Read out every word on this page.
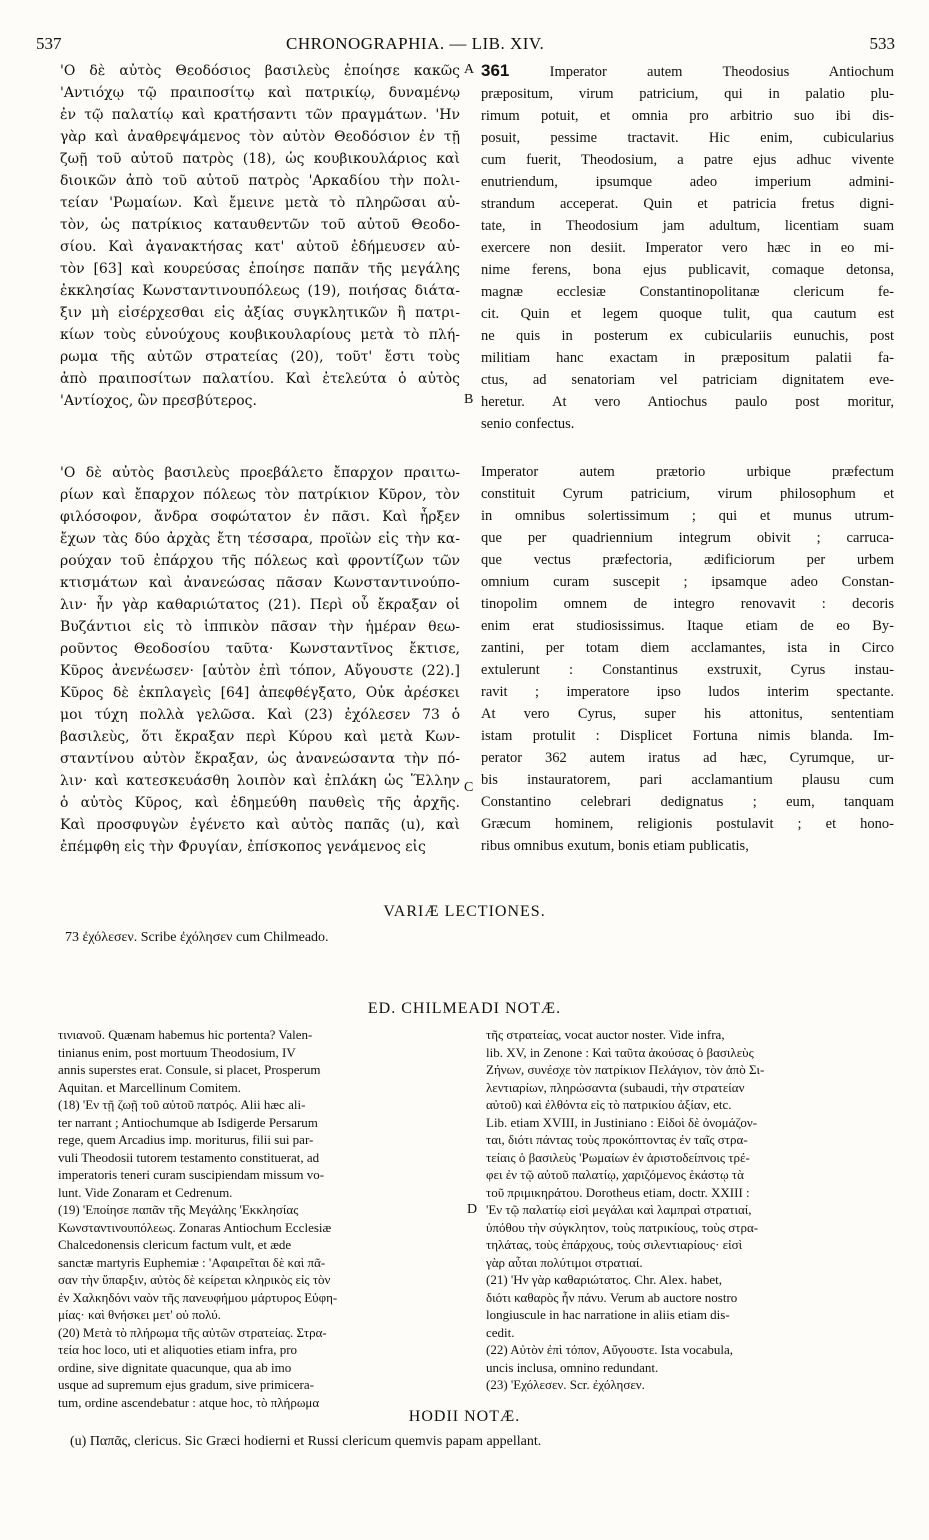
537	CHRONOGRAPHIA. — LIB. XIV.	533
'Ο δὲ αὐτὸς Θεοδόσιος βασιλεὺς ἐποίησε κακῶς
'Αντιόχῳ τῷ πραιποσίτῳ καὶ πατρικίῳ, δυναμένῳ
ἐν τῷ παλατίῳ καὶ κρατήσαντι τῶν πραγμάτων. 'Ην
γὰρ καὶ ἀναθρεψάμενος τὸν αὐτὸν Θεοδόσιον ἐν τῇ
ζωῇ τοῦ αὐτοῦ πατρὸς (18), ὡς κουβικουλάριος καὶ
διοικῶν ἀπὸ τοῦ αὐτοῦ πατρὸς 'Αρκαδίου τὴν πολι-
τείαν 'Ρωμαίων. Καὶ ἔμεινε μετὰ τὸ πληρῶσαι αὐ-
τὸν, ὡς πατρίκιος καταυθεντῶν τοῦ αὐτοῦ Θεοδο-
σίου. Καὶ ἀγανακτήσας κατ' αὐτοῦ ἐδήμευσεν αὐ-
τὸν [63] καὶ κουρεύσας ἐποίησε παπᾶν τῆς μεγάλης
ἐκκλησίας Κωνσταντινουπόλεως (19), ποιήσας διάτα-
ξιν μὴ εἰσέρχεσθαι εἰς ἀξίας συγκλητικῶν ἢ πατρι-
κίων τοὺς εὐνούχους κουβικουλαρίους μετὰ τὸ πλή-
ρωμα τῆς αὐτῶν στρατείας (20), τοῦτ' ἔστι τοὺς
ἀπὸ πραιποσίτων παλατίου. Καὶ ἐτελεύτα ὁ αὐτὸς
'Αντίοχος, ὢν πρεσβύτερος.
'Ο δὲ αὐτὸς βασιλεὺς προεβάλετο ἔπαρχον πραιτω-
ρίων καὶ ἔπαρχον πόλεως τὸν πατρίκιον Κῦρον, τὸν
φιλόσοφον, ἄνδρα σοφώτατον ἐν πᾶσι. Καὶ ἦρξεν
ἔχων τὰς δύο ἀρχὰς ἔτη τέσσαρα, προϊὼν εἰς τὴν κα-
ρούχαν τοῦ ἐπάρχου τῆς πόλεως καὶ φροντίζων τῶν
κτισμάτων καὶ ἀνανεώσας πᾶσαν Κωνσταντινούπο-
λιν· ἦν γὰρ καθαριώτατος (21). Περὶ οὗ ἔκραξαν οἱ
Βυζάντιοι εἰς τὸ ἱππικὸν πᾶσαν τὴν ἡμέραν θεω-
ροῦντος Θεοδοσίου ταῦτα· Κωνσταντῖνος ἔκτισε,
Κῦρος ἀνενέωσεν· [αὐτὸν ἐπὶ τόπον, Αὔγουστε (22).]
Κῦρος δὲ ἐκπλαγεὶς [64] ἀπεφθέγξατο, Οὐκ ἀρέσκει
μοι τύχη πολλὰ γελῶσα. Καὶ (23) ἐχόλεσεν 73 ὁ
βασιλεὺς, ὅτι ἔκραξαν περὶ Κύρου καὶ μετὰ Κων-
σταντίνου αὐτὸν ἔκραξαν, ὡς ἀνανεώσαντα τὴν πό-
λιν· καὶ κατεσκευάσθη λοιπὸν καὶ ἐπλάκη ὡς Ἕλλην
ὁ αὐτὸς Κῦρος, καὶ ἐδημεύθη παυθεὶς τῆς ἀρχῆς.
Καὶ προσφυγὼν ἐγένετο καὶ αὐτὸς παπᾶς (u), καὶ
ἐπέμφθη εἰς τὴν Φρυγίαν, ἐπίσκοπος γενάμενος εἰς
361	Imperator autem Theodosius Antiochum
præpositum, virum patricium, qui in palatio plu-
rimum potuit, et omnia pro arbitrio suo ibi dis-
posuit, pessime tractavit. Hic enim, cubicularius
cum fuerit, Theodosium, a patre ejus adhuc vivente
enutriendum, ipsumque adeo imperium admini-
strandum acceperat. Quin et patricia fretus digni-
tate, in Theodosium jam adultum, licentiam suam
exercere non desiit. Imperator vero hæc in eo mi-
nime ferens, bona ejus publicavit, comaque detonsa,
magnæ ecclesiæ Constantinopolitanæ clericum fe-
cit. Quin et legem quoque tulit, qua cautum est
ne quis in posterum ex cubiculariis eunuchis, post
militiam hanc exactam in præpositum palatii fa-
ctus, ad senatoriam vel patriciam dignitatem eve-
heretur. At vero Antiochus paulo post moritur,
senio confectus.
Imperator autem prætorio urbique præfectum
constituit Cyrum patricium, virum philosophum et
in omnibus solertissimum ; qui et munus utrum-
que per quadriennium integrum obivit ; carruca-
que vectus præfectoria, ædificiorum per urbem
omnium curam suscepit ; ipsamque adeo Constan-
tinopolim omnem de integro renovavit : decoris
enim erat studiosissimus. Itaque etiam de eo By-
zantini, per totam diem acclamantes, ista in Circo
extulerunt : Constantinus exstruxit, Cyrus instau-
ravit ; imperatore ipso ludos interim spectante.
At vero Cyrus, super his attonitus, sententiam
istam protulit : Displicet Fortuna nimis blanda. Im-
perator 362 autem iratus ad hæc, Cyrumque, ur-
bis instauratorem, pari acclamantium plausu cum
Constantino celebrari dedignatus ; eum, tanquam
Græcum hominem, religionis postulavit ; et hono-
ribus omnibus exutum, bonis etiam publicatis,
A
B
C
D
VARIÆ LECTIONES.
73 ἐχόλεσεν. Scribe ἐχόλησεν cum Chilmeado.
ED. CHILMEADI NOTÆ.
τινιανοῦ. Quænam habemus hic portenta? Valen-
tinianus enim, post mortuum Theodosium, IV
annis superstes erat. Consule, si placet, Prosperum
Aquitan. et Marcellinum Comitem.
(18) 'Εν τῇ ζωῇ τοῦ αὐτοῦ πατρός. Alii hæc ali-
ter narrant ; Antiochumque ab Isdigerde Persarum
rege, quem Arcadius imp. moriturus, filii sui par-
vuli Theodosii tutorem testamento constituerat, ad
imperatoris teneri curam suscipiendam missum vo-
lunt. Vide Zonaram et Cedrenum.
(19) 'Εποίησε παπᾶν τῆς Μεγάλης 'Εκκλησίας
Κωνσταντινουπόλεως. Zonaras Antiochum Ecclesiæ
Chalcedonensis clericum factum vult, et æde
sanctæ martyris Euphemiæ : 'Αφαιρεῖται δὲ καὶ πᾶ-
σαν τὴν ὕπαρξιν, αὐτὸς δὲ κείρεται κληρικὸς εἰς τὸν
ἐν Χαλκηδόνι ναὸν τῆς πανευφήμου μάρτυρος Εὐφη-
μίας· καὶ θνήσκει μετ' οὐ πολύ.
(20) Μετὰ τὸ πλήρωμα τῆς αὐτῶν στρατείας. Στρα-
τεία hoc loco, uti et aliquoties etiam infra, pro
ordine, sive dignitate quacunque, qua ab imo
usque ad supremum ejus gradum, sive primicera-
tum, ordine ascendebatur : atque hoc, τὸ πλήρωμα
τῆς στρατείας, vocat auctor noster. Vide infra,
lib. XV, in Zenone : Καὶ ταῦτα ἀκούσας ὁ βασιλεὺς
Ζήνων, συνέσχε τὸν πατρίκιον Πελάγιον, τὸν ἀπὸ Σι-
λεντιαρίων, πληρώσαντα (subaudi, τὴν στρατείαν
αὐτοῦ) καὶ ἐλθόντα εἰς τὸ πατρικίου ἀξίαν, etc.
Lib. etiam XVIII, in Justiniano : Εἰδοὶ δὲ ὀνομάζον-
ται, διότι πάντας τοὺς προκόπτοντας ἐν ταῖς στρα-
τείαις ὁ βασιλεὺς 'Ρωμαίων ἐν ἀριστοδείπνοις τρέ-
φει ἐν τῷ αὐτοῦ παλατίῳ, χαριζόμενος ἑκάστῳ τὰ
τοῦ πριμικηράτου. Dorotheus etiam, doctr. XXIII :
'Εν τῷ παλατίῳ εἰσὶ μεγάλαι καὶ λαμπραὶ στρατιαί,
ὑπόθου τὴν σύγκλητον, τοὺς πατρικίους, τοὺς στρα-
τηλάτας, τοὺς ἐπάρχους, τοὺς σιλεντιαρίους· εἰσὶ
γὰρ αὗται πολύτιμοι στρατιαί.
(21) 'Ην γὰρ καθαριώτατος. Chr. Alex. habet,
διότι καθαρὸς ἦν πάνυ. Verum ab auctore nostro
longiuscule in hac narratione in aliis etiam dis-
cedit.
(22) Αὐτὸν ἐπὶ τόπον, Αὔγουστε. Ista vocabula,
uncis inclusa, omnino redundant.
(23) 'Εχόλεσεν. Scr. ἐχόλησεν.
HODII NOTÆ.
(u) Παπᾶς, clericus. Sic Græci hodierni et Russi clericum quemvis papam appellant.
